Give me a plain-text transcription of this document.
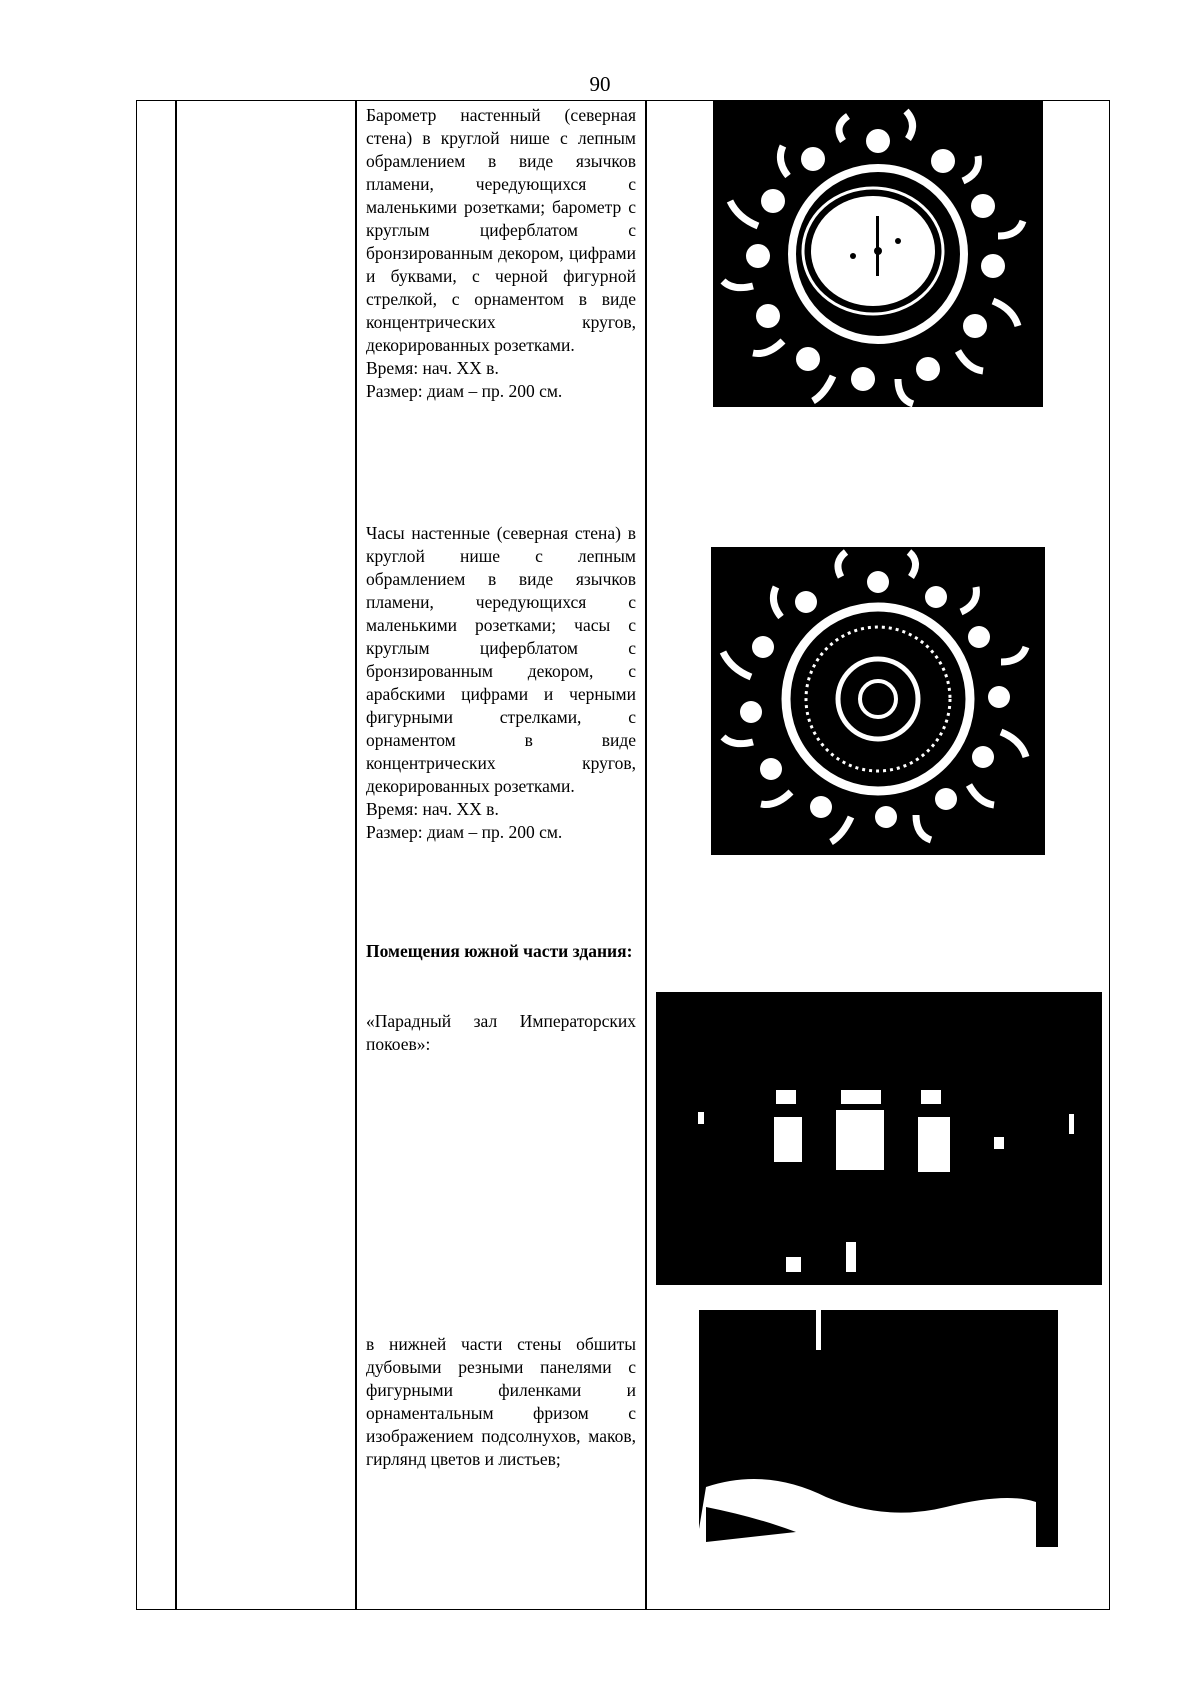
90

Барометр настенный (северная стена) в круглой нише с лепным обрамлением в виде язычков пламени, чередующихся с маленькими розетками; барометр с круглым циферблатом с бронзированным декором, цифрами и буквами, с черной фигурной стрелкой, с орнаментом в виде концентрических кругов, декорированных розетками.

Время: нач. XX в.

Размер: диам – пр. 200 см.

Часы настенные (северная стена) в круглой нише с лепным обрамлением в виде язычков пламени, чередующихся с маленькими розетками; часы с круглым циферблатом с бронзированным декором, с арабскими цифрами и черными фигурными стрелками, с орнаментом в виде концентрических кругов, декорированных розетками.

Время: нач. XX в.

Размер: диам – пр. 200 см.

Помещения южной части здания:
«Парадный зал Императорских покоев»:
в нижней части стены обшиты дубовыми резными панелями с фигурными филенками и орнаментальным фризом с изображением подсолнухов, маков, гирлянд цветов и листьев;
